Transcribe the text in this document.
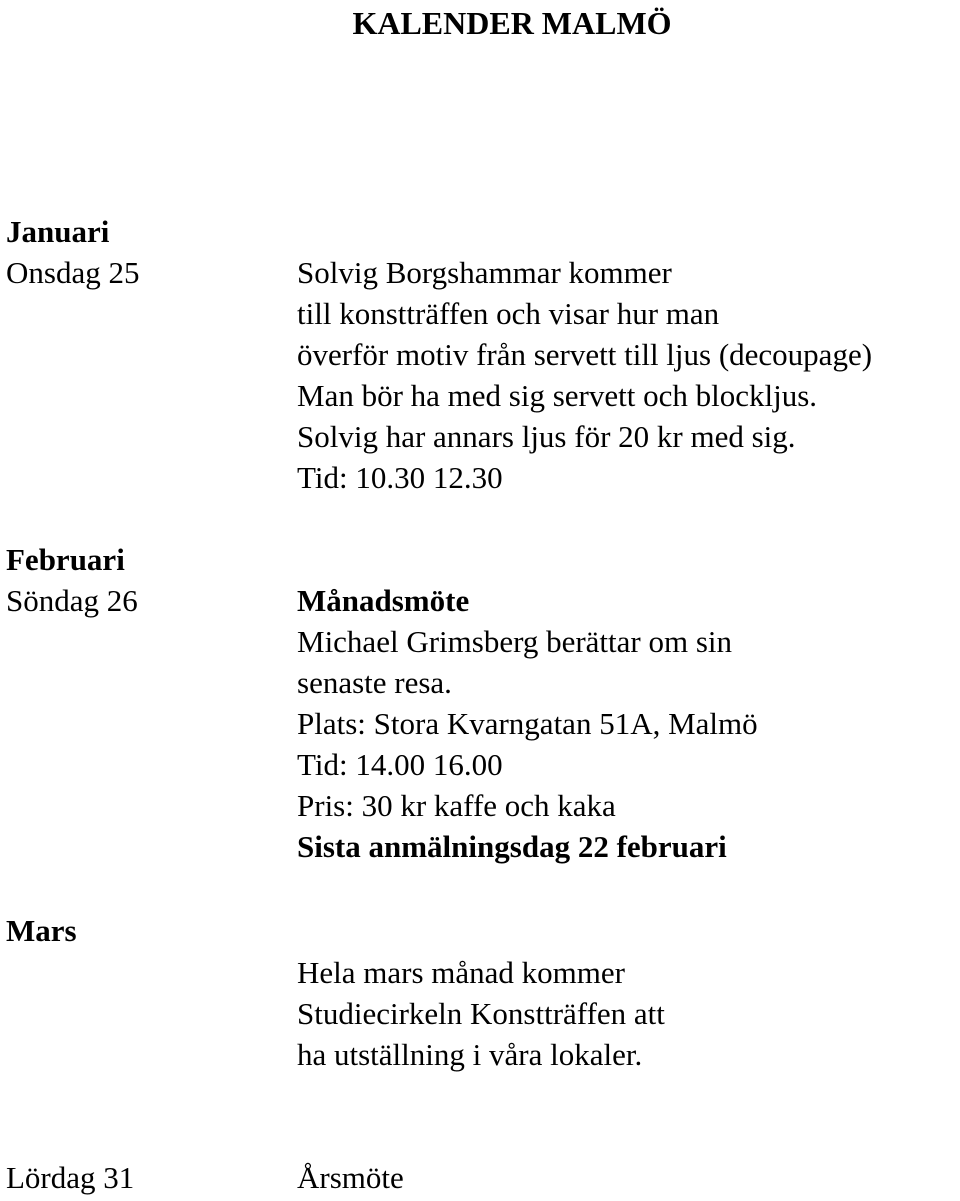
KALENDER MALMÖ
Januari
Onsdag 25	Solvig Borgshammar kommer
till konstträffen och visar hur man
överför motiv från servett till ljus (decoupage)
Man bör ha med sig servett och blockljus.
Solvig har annars ljus för 20 kr med sig.
Tid: 10.30 12.30
Februari
Söndag 26	Månadsmöte
Michael Grimsberg berättar om sin
senaste resa.
Plats: Stora Kvarngatan 51A, Malmö
Tid: 14.00 16.00
Pris: 30 kr kaffe och kaka
Sista anmälningsdag 22 februari
Mars
Hela mars månad kommer
Studiecirkeln Konstträffen att
ha utställning i våra lokaler.
Lördag 31	Årsmöte
